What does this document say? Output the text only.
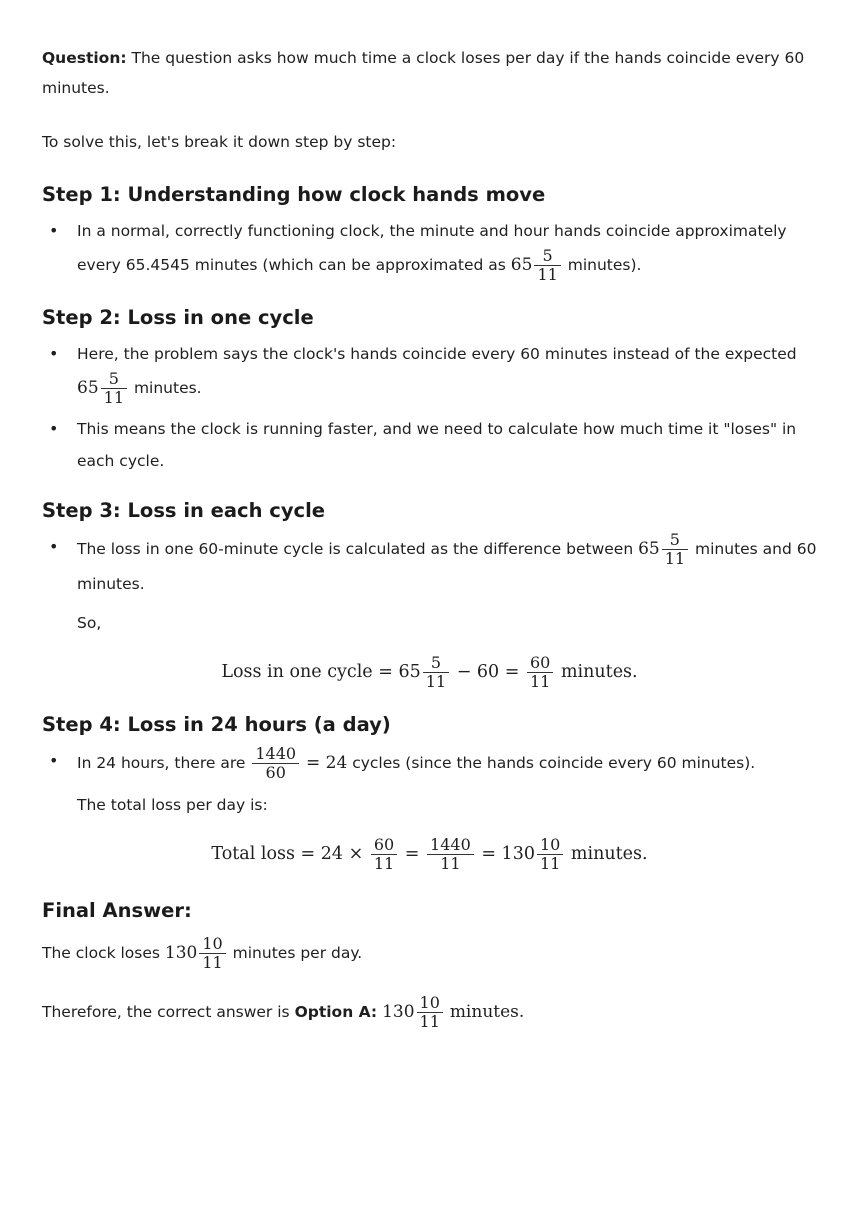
Question: The question asks how much time a clock loses per day if the hands coincide every 60 minutes.

To solve this, let's break it down step by step:

Step 1: Understanding how clock hands move
• In a normal, correctly functioning clock, the minute and hour hands coincide approximately every 65.4545 minutes (which can be approximated as $65 \frac{5}{11}$ minutes).
Step 2: Loss in one cycle
• Here, the problem says the clock's hands coincide every 60 minutes instead of the expected $65 \frac{5}{11}$ minutes.
• This means the clock is running faster, and we need to calculate how much time it "loses" in each cycle.
Step 3: Loss in each cycle
• The loss in one 60-minute cycle is calculated as the difference between $65 \frac{5}{11}$ minutes and 60 minutes.

So,

Loss in one cycle = $65 \frac{5}{11} - 60 = \frac{60}{11}$ minutes.
Step 4: Loss in 24 hours (a day)
• In 24 hours, there are $\frac{1440}{60} = 24$ cycles (since the hands coincide every 60 minutes).

The total loss per day is:

Total loss = $24 \times \frac{60}{11} = \frac{1440}{11} = 130 \frac{10}{11}$ minutes.
Final Answer:

The clock loses $130 \frac{10}{11}$ minutes per day.

Therefore, the correct answer is Option A: $130 \frac{10}{11}$ minutes.
